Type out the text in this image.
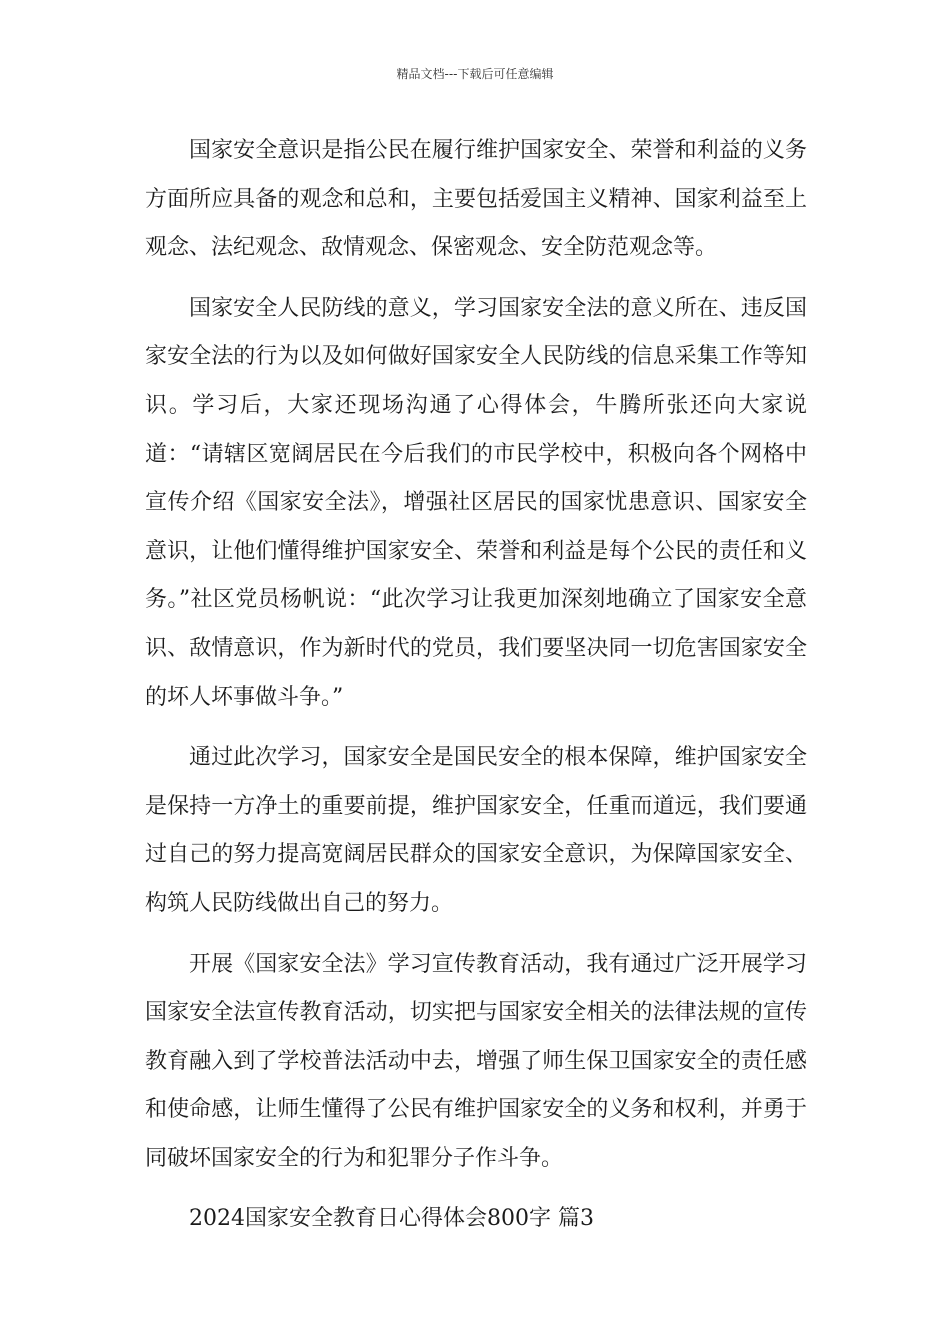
精品文档---下载后可任意编辑

国家安全意识是指公民在履行维护国家安全、荣誉和利益的义务方面所应具备的观念和总和，主要包括爱国主义精神、国家利益至上观念、法纪观念、敌情观念、保密观念、安全防范观念等。

国家安全人民防线的意义，学习国家安全法的意义所在、违反国家安全法的行为以及如何做好国家安全人民防线的信息采集工作等知识。学习后，大家还现场沟通了心得体会，牛腾所张还向大家说道：“请辖区宽阔居民在今后我们的市民学校中，积极向各个网格中宣传介绍《国家安全法》，增强社区居民的国家忧患意识、国家安全意识，让他们懂得维护国家安全、荣誉和利益是每个公民的责任和义务。”社区党员杨帆说：“此次学习让我更加深刻地确立了国家安全意识、敌情意识，作为新时代的党员，我们要坚决同一切危害国家安全的坏人坏事做斗争。”

通过此次学习，国家安全是国民安全的根本保障，维护国家安全是保持一方净土的重要前提，维护国家安全，任重而道远，我们要通过自己的努力提高宽阔居民群众的国家安全意识，为保障国家安全、构筑人民防线做出自己的努力。

开展《国家安全法》学习宣传教育活动，我有通过广泛开展学习国家安全法宣传教育活动，切实把与国家安全相关的法律法规的宣传教育融入到了学校普法活动中去，增强了师生保卫国家安全的责任感和使命感，让师生懂得了公民有维护国家安全的义务和权利，并勇于同破坏国家安全的行为和犯罪分子作斗争。

2024国家安全教育日心得体会800字 篇3
